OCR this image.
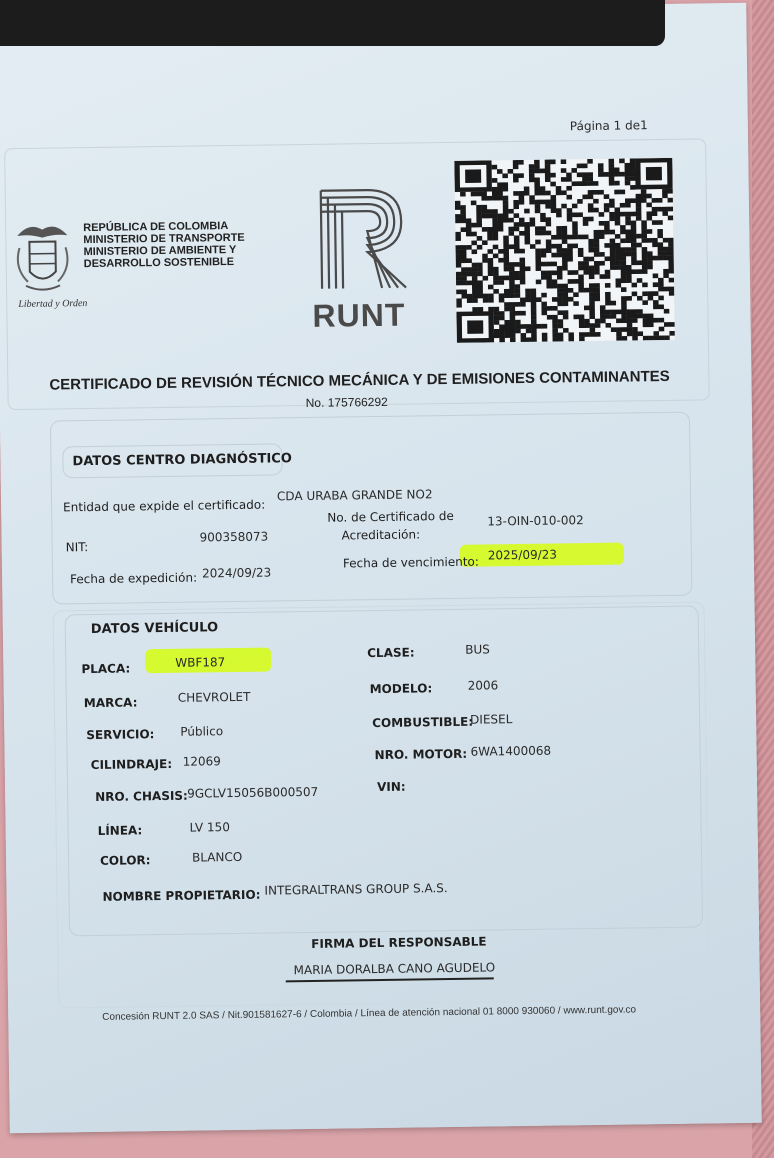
Página 1 de1
REPÚBLICA DE COLOMBIA
MINISTERIO DE TRANSPORTE
MINISTERIO DE AMBIENTE Y
DESARROLLO SOSTENIBLE
Libertad y Orden	RUNT
CERTIFICADO DE REVISIÓN TÉCNICO MECÁNICA Y DE EMISIONES CONTAMINANTES
No. 175766292
DATOS CENTRO DIAGNÓSTICO
Entidad que expide el certificado:
CDA URABA GRANDE NO2
NIT:
900358073
No. de Certificado de
Acreditación:
13-OIN-010-002
Fecha de expedición: 2024/09/23
Fecha de vencimiento: 2025/09/23
DATOS VEHÍCULO
PLACA:	WBF187
CLASE:	BUS
MARCA:	CHEVROLET
MODELO:	2006
SERVICIO: Público
COMBUSTIBLE:
DIESEL
CILINDRAJE: 12069	NRO. MOTOR: 6WA1400068
NRO. CHASIS: 9GCLV15056B000507	VIN:
LÍNEA:	LV 150
COLOR:	BLANCO
NOMBRE PROPIETARIO: INTEGRALTRANS GROUP S.A.S.
FIRMA DEL RESPONSABLE
MARIA DORALBA CANO AGUDELO
Concesión RUNT 2.0 SAS / Nit.901581627-6 / Colombia / Línea de atención nacional 01 8000 930060 / www.runt.gov.co
